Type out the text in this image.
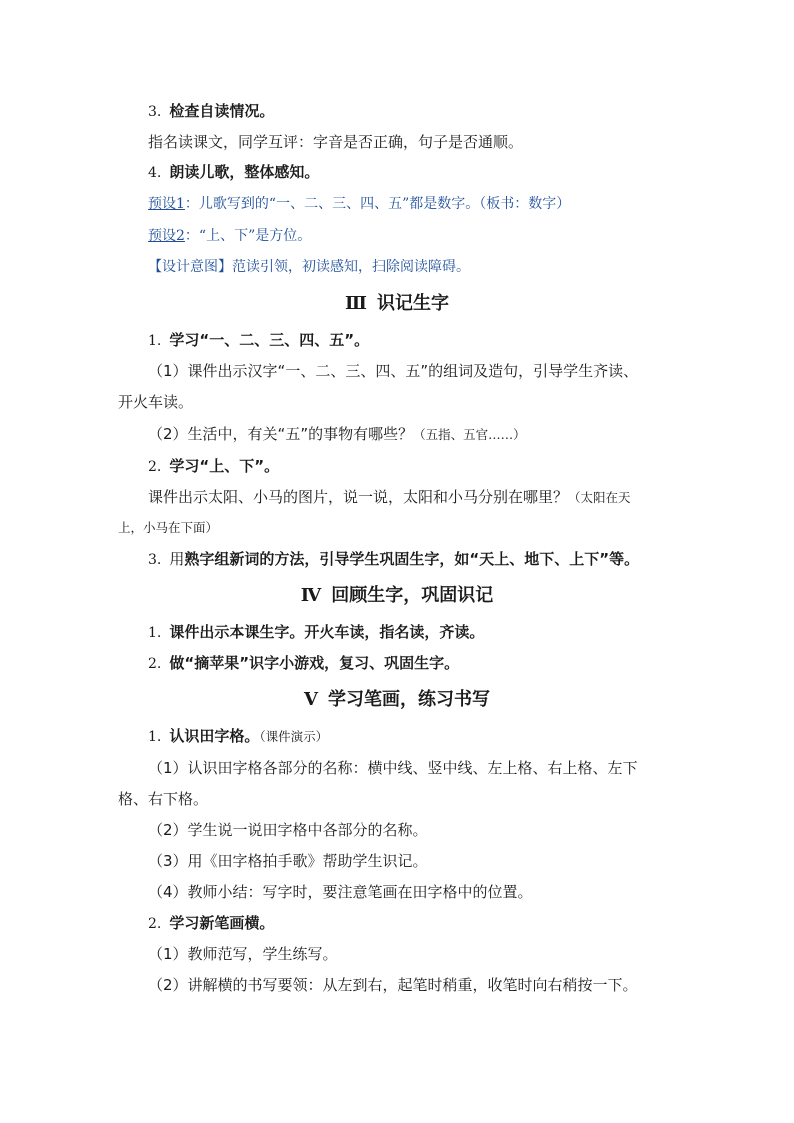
3. 检查自读情况。
指名读课文，同学互评：字音是否正确，句子是否通顺。
4. 朗读儿歌，整体感知。
预设1：儿歌写到的“一、二、三、四、五”都是数字。（板书：数字）
预设2：“上、下”是方位。
【设计意图】范读引领，初读感知，扫除阅读障碍。
Ⅲ 识记生字
1. 学习“一、二、三、四、五”。
（1）课件出示汉字“一、二、三、四、五”的组词及造句，引导学生齐读、
开火车读。
（2）生活中，有关“五”的事物有哪些？（五指、五官……）
2. 学习“上、下”。
课件出示太阳、小马的图片，说一说，太阳和小马分别在哪里？（太阳在天
上，小马在下面）
3. 用熟字组新词的方法，引导学生巩固生字，如“天上、地下、上下”等。
Ⅳ 回顾生字，巩固识记
1. 课件出示本课生字。开火车读，指名读，齐读。
2. 做“摘苹果”识字小游戏，复习、巩固生字。
Ⅴ 学习笔画，练习书写
1. 认识田字格。（课件演示）
（1）认识田字格各部分的名称：横中线、竖中线、左上格、右上格、左下
格、右下格。
（2）学生说一说田字格中各部分的名称。
（3）用《田字格拍手歌》帮助学生识记。
（4）教师小结：写字时，要注意笔画在田字格中的位置。
2. 学习新笔画横。
（1）教师范写，学生练写。
（2）讲解横的书写要领：从左到右，起笔时稍重，收笔时向右稍按一下。
